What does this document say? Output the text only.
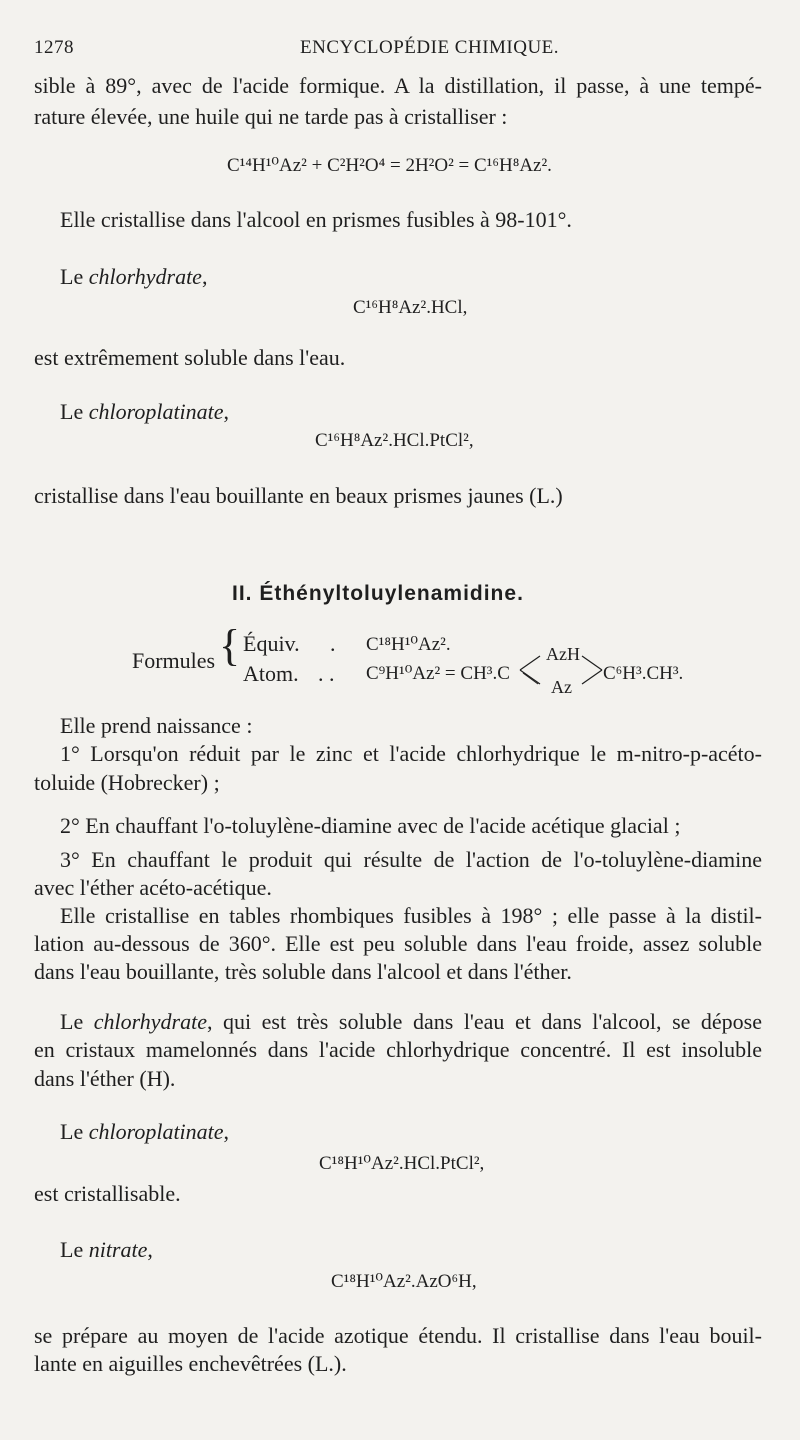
1278	ENCYCLOPÉDIE CHIMIQUE.
sible à 89°, avec de l'acide formique. A la distillation, il passe, à une tempé-
rature élevée, une huile qui ne tarde pas à cristalliser :
C¹⁴H¹⁰Az² + C²H²O⁴ = 2H²O² = C¹⁶H⁸Az².
Elle cristallise dans l'alcool en prismes fusibles à 98-101°.
Le chlorhydrate,
C¹⁶H⁸Az².HCl,
est extrêmement soluble dans l'eau.
Le chloroplatinate,
C¹⁶H⁸Az².HCl.PtCl²,
cristallise dans l'eau bouillante en beaux prismes jaunes (L.)
II. Éthényltoluylenamidine.
Formules { Équiv. . C¹⁸H¹⁰Az².
Atom. . . C⁹H¹⁰Az² = CH³.C
AzH
Az
C⁶H³.CH³.
Elle prend naissance :
1° Lorsqu'on réduit par le zinc et l'acide chlorhydrique le m-nitro-p-acéto-
toluide (Hobrecker) ;
2° En chauffant l'o-toluylène-diamine avec de l'acide acétique glacial ;
3° En chauffant le produit qui résulte de l'action de l'o-toluylène-diamine
avec l'éther acéto-acétique.
Elle cristallise en tables rhombiques fusibles à 198° ; elle passe à la distil-
lation au-dessous de 360°. Elle est peu soluble dans l'eau froide, assez soluble
dans l'eau bouillante, très soluble dans l'alcool et dans l'éther.
Le chlorhydrate, qui est très soluble dans l'eau et dans l'alcool, se dépose
en cristaux mamelonnés dans l'acide chlorhydrique concentré. Il est insoluble
dans l'éther (H).
Le chloroplatinate,
C¹⁸H¹⁰Az².HCl.PtCl²,
est cristallisable.
Le nitrate,
C¹⁸H¹⁰Az².AzO⁶H,
se prépare au moyen de l'acide azotique étendu. Il cristallise dans l'eau bouil-
lante en aiguilles enchevêtrées (L.).
